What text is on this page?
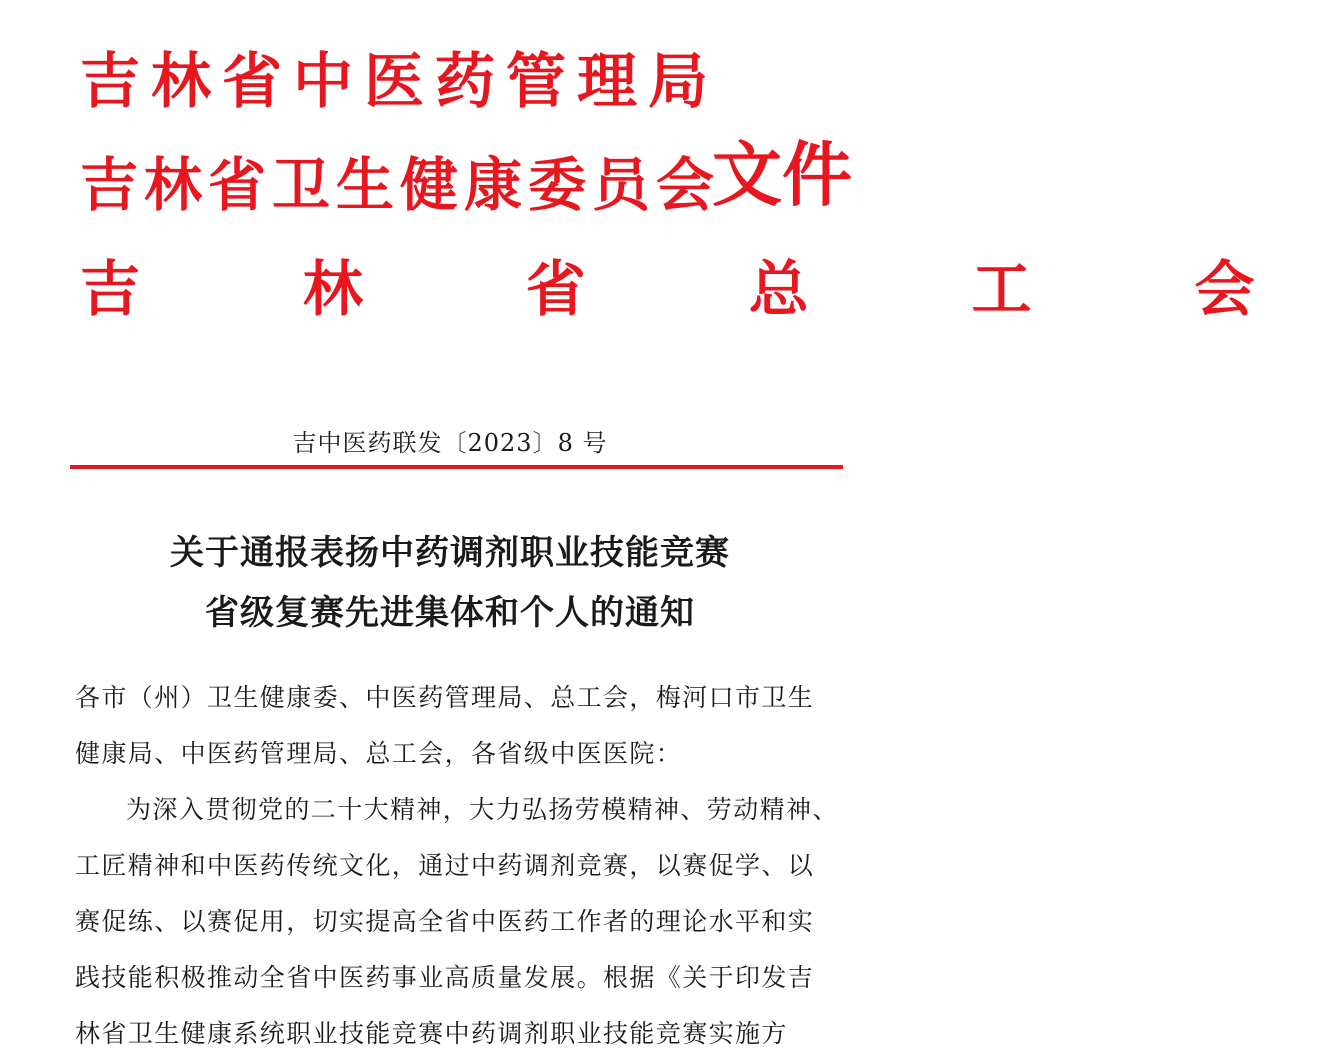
吉林省中医药管理局
吉林省卫生健康委员会
吉 林 省 总 工 会
文件
吉中医药联发〔2023〕8 号
关于通报表扬中药调剂职业技能竞赛
省级复赛先进集体和个人的通知
各市（州）卫生健康委、中医药管理局、总工会，梅河口市卫生
健康局、中医药管理局、总工会，各省级中医医院：
为深入贯彻党的二十大精神，大力弘扬劳模精神、劳动精神、
工匠精神和中医药传统文化，通过中药调剂竞赛，以赛促学、以
赛促练、以赛促用，切实提高全省中医药工作者的理论水平和实
践技能积极推动全省中医药事业高质量发展。根据《关于印发吉
林省卫生健康系统职业技能竞赛中药调剂职业技能竞赛实施方
